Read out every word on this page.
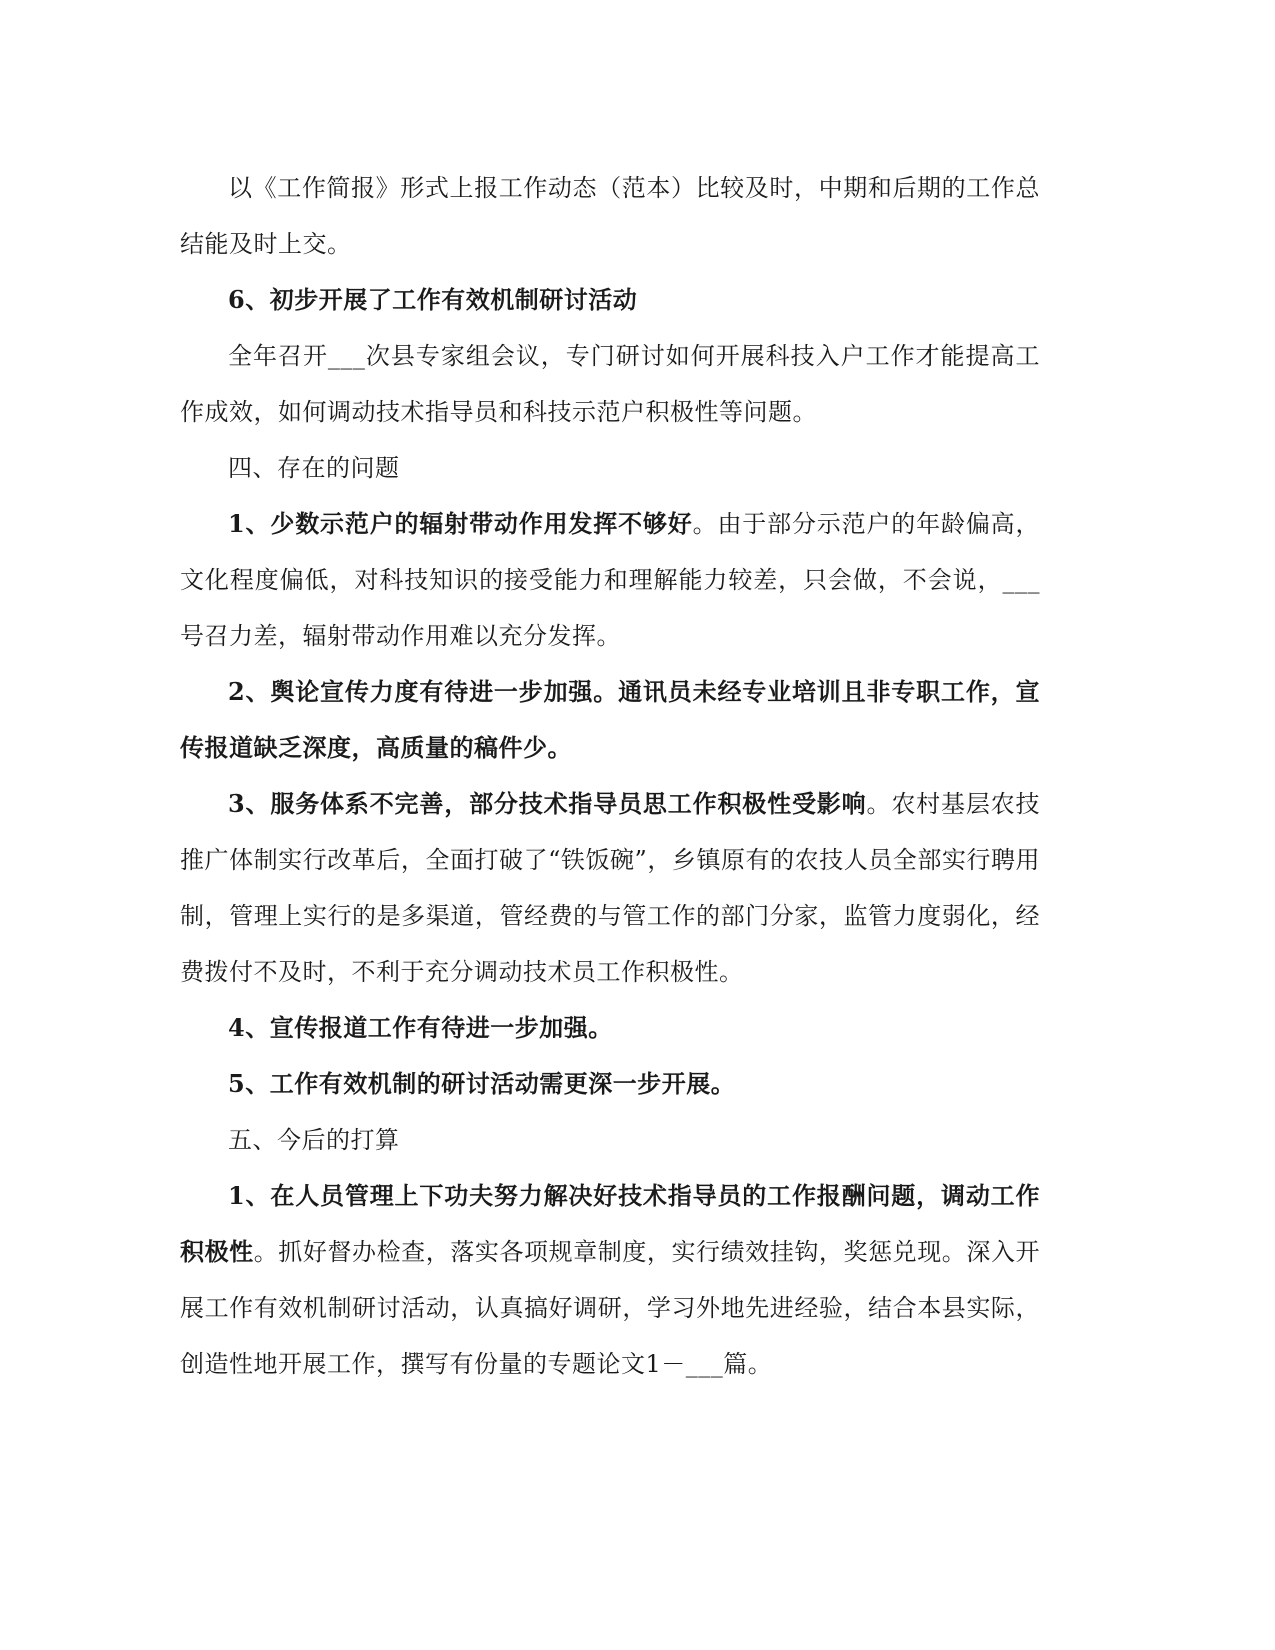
以《工作简报》形式上报工作动态（范本）比较及时，中期和后期的工作总结能及时上交。

6、初步开展了工作有效机制研讨活动

全年召开___次县专家组会议，专门研讨如何开展科技入户工作才能提高工作成效，如何调动技术指导员和科技示范户积极性等问题。

四、存在的问题

1、少数示范户的辐射带动作用发挥不够好。由于部分示范户的年龄偏高，文化程度偏低，对科技知识的接受能力和理解能力较差，只会做，不会说，___号召力差，辐射带动作用难以充分发挥。

2、舆论宣传力度有待进一步加强。通讯员未经专业培训且非专职工作，宣传报道缺乏深度，高质量的稿件少。

3、服务体系不完善，部分技术指导员思工作积极性受影响。农村基层农技推广体制实行改革后，全面打破了“铁饭碗”，乡镇原有的农技人员全部实行聘用制，管理上实行的是多渠道，管经费的与管工作的部门分家，监管力度弱化，经费拨付不及时，不利于充分调动技术员工作积极性。

4、宣传报道工作有待进一步加强。

5、工作有效机制的研讨活动需更深一步开展。

五、今后的打算

1、在人员管理上下功夫努力解决好技术指导员的工作报酬问题，调动工作积极性。抓好督办检查，落实各项规章制度，实行绩效挂钩，奖惩兑现。深入开展工作有效机制研讨活动，认真搞好调研，学习外地先进经验，结合本县实际，创造性地开展工作，撰写有份量的专题论文1－___篇。
